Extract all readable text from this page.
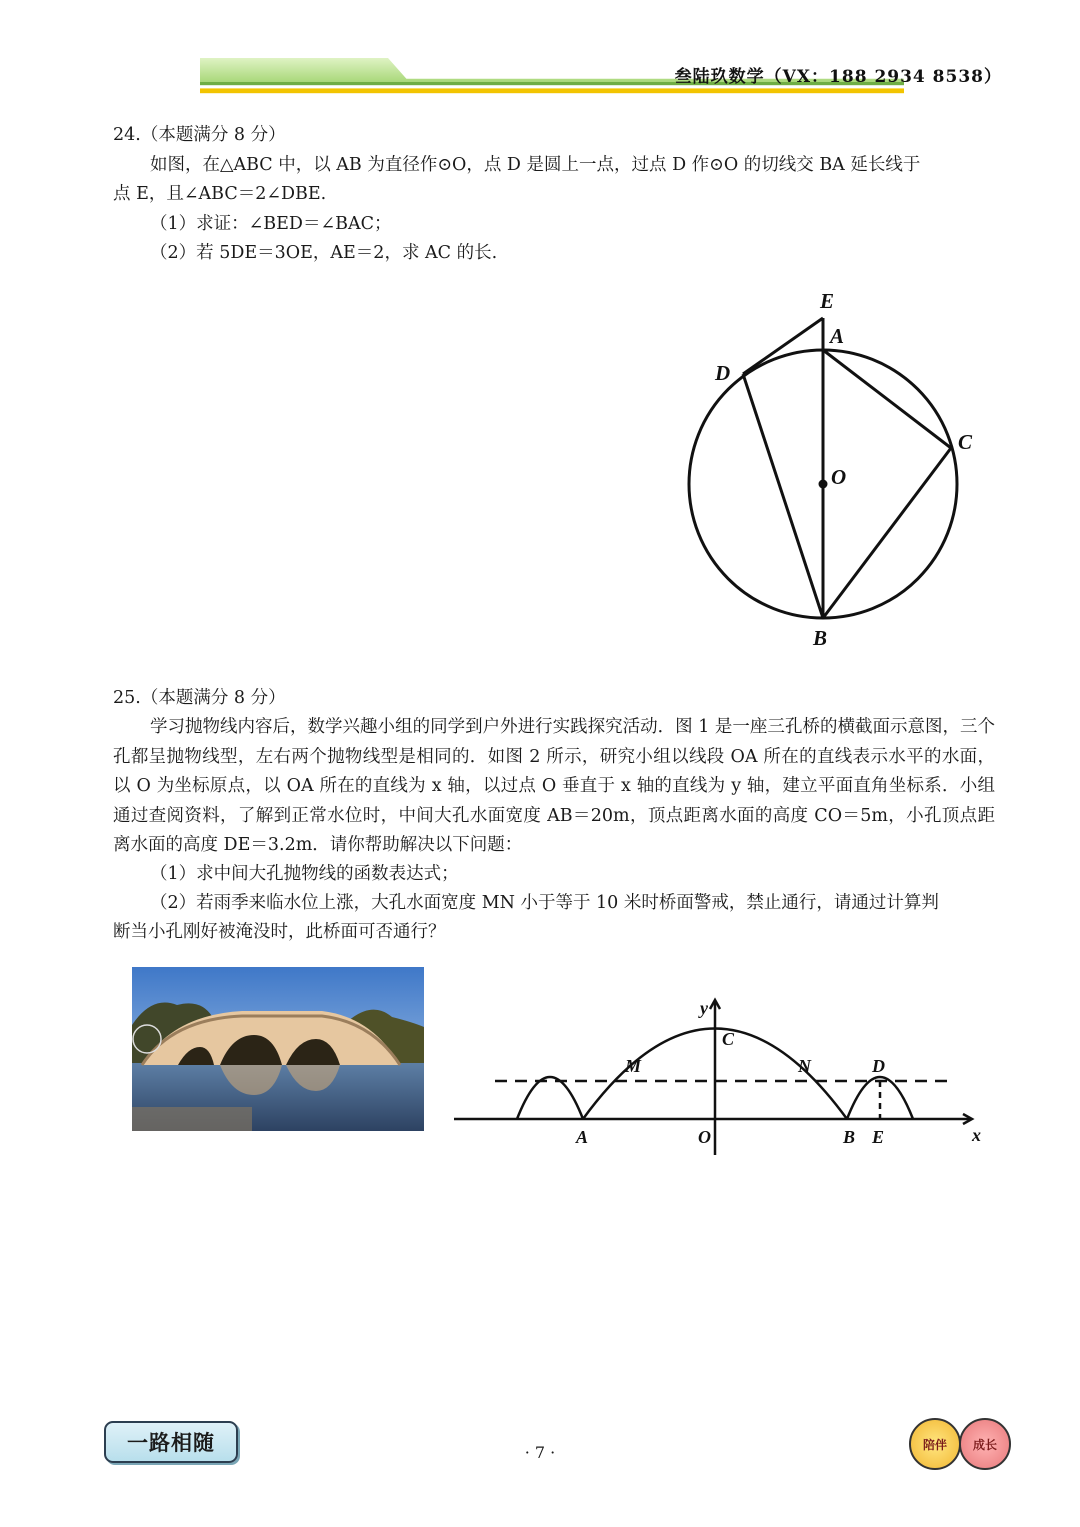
叁陆玖数学（VX：188 2934 8538）

24.（本题满分 8 分）

如图，在△ABC 中，以 AB 为直径作⊙O，点 D 是圆上一点，过点 D 作⊙O 的切线交 BA 延长线于

点 E，且∠ABC＝2∠DBE.

（1）求证：∠BED＝∠BAC；

（2）若 5DE＝3OE，AE＝2，求 AC 的长.

E
A
D
C
O
B

25.（本题满分 8 分）

学习抛物线内容后，数学兴趣小组的同学到户外进行实践探究活动．图 1 是一座三孔桥的横截面示意图，三个孔都呈抛物线型，左右两个抛物线型是相同的．如图 2 所示，研究小组以线段 OA 所在的直线表示水平的水面，以 O 为坐标原点，以 OA 所在的直线为 x 轴，以过点 O 垂直于 x 轴的直线为 y 轴，建立平面直角坐标系．小组通过查阅资料，了解到正常水位时，中间大孔水面宽度 AB＝20m，顶点距离水面的高度 CO＝5m，小孔顶点距离水面的高度 DE＝3.2m．请你帮助解决以下问题：

（1）求中间大孔抛物线的函数表达式；

（2）若雨季来临水位上涨，大孔水面宽度 MN 小于等于 10 米时桥面警戒，禁止通行，请通过计算判

断当小孔刚好被淹没时，此桥面可否通行？

y
x
C
M	N	D
A	O	B E
一路相随	· 7 ·	陪伴	成长
